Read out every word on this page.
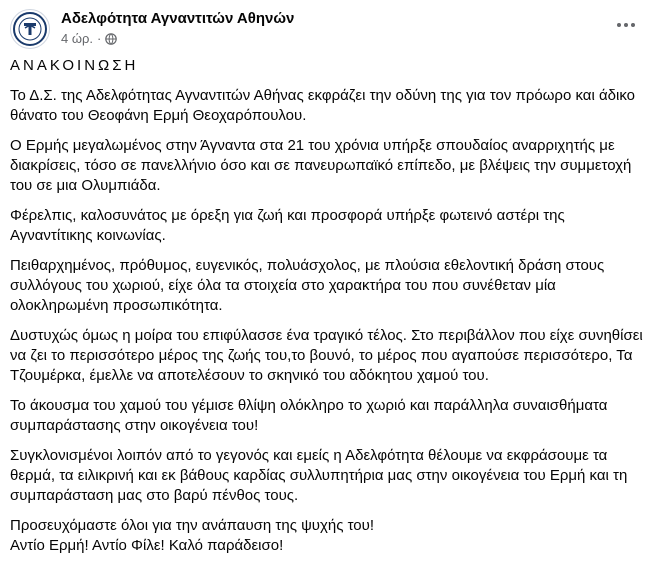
Αδελφότητα Αγναντιτών Αθηνών
4 ώρ. ·

ΑΝΑΚΟΙΝΩΣΗ

Το Δ.Σ. της Αδελφότητας Αγναντιτών Αθήνας εκφράζει την οδύνη της για τον πρόωρο και άδικο θάνατο του Θεοφάνη Ερμή Θεοχαρόπουλου.

Ο Ερμής μεγαλωμένος στην Άγναντα στα 21 του χρόνια υπήρξε σπουδαίος αναρριχητής με διακρίσεις, τόσο σε πανελλήνιο όσο και σε πανευρωπαϊκό επίπεδο, με βλέψεις την συμμετοχή του σε μια Ολυμπιάδα.

Φέρελπις, καλοσυνάτος με όρεξη για ζωή και προσφορά υπήρξε φωτεινό αστέρι της Αγναντίτικης κοινωνίας.

Πειθαρχημένος, πρόθυμος, ευγενικός, πολυάσχολος, με πλούσια εθελοντική δράση στους συλλόγους του χωριού, είχε όλα τα στοιχεία στο χαρακτήρα του που συνέθεταν μία ολοκληρωμένη προσωπικότητα.

Δυστυχώς όμως η μοίρα του επιφύλασσε ένα τραγικό τέλος. Στο περιβάλλον που είχε συνηθίσει να ζει το περισσότερο μέρος της ζωής του,το βουνό, το μέρος που αγαπούσε περισσότερο, Τα Τζουμέρκα, έμελλε να αποτελέσουν το σκηνικό του αδόκητου χαμού του.

Το άκουσμα του χαμού του γέμισε θλίψη ολόκληρο το χωριό και παράλληλα συναισθήματα συμπαράστασης στην οικογένεια του!

Συγκλονισμένοι λοιπόν από το γεγονός και εμείς η Αδελφότητα θέλουμε να εκφράσουμε τα θερμά, τα ειλικρινή και εκ βάθους καρδίας συλλυπητήρια μας στην οικογένεια του Ερμή και τη συμπαράσταση μας στο βαρύ πένθος τους.

Προσευχόμαστε όλοι για την ανάπαυση της ψυχής του!
Αντίο Ερμή! Αντίο Φίλε! Καλό παράδεισο!
